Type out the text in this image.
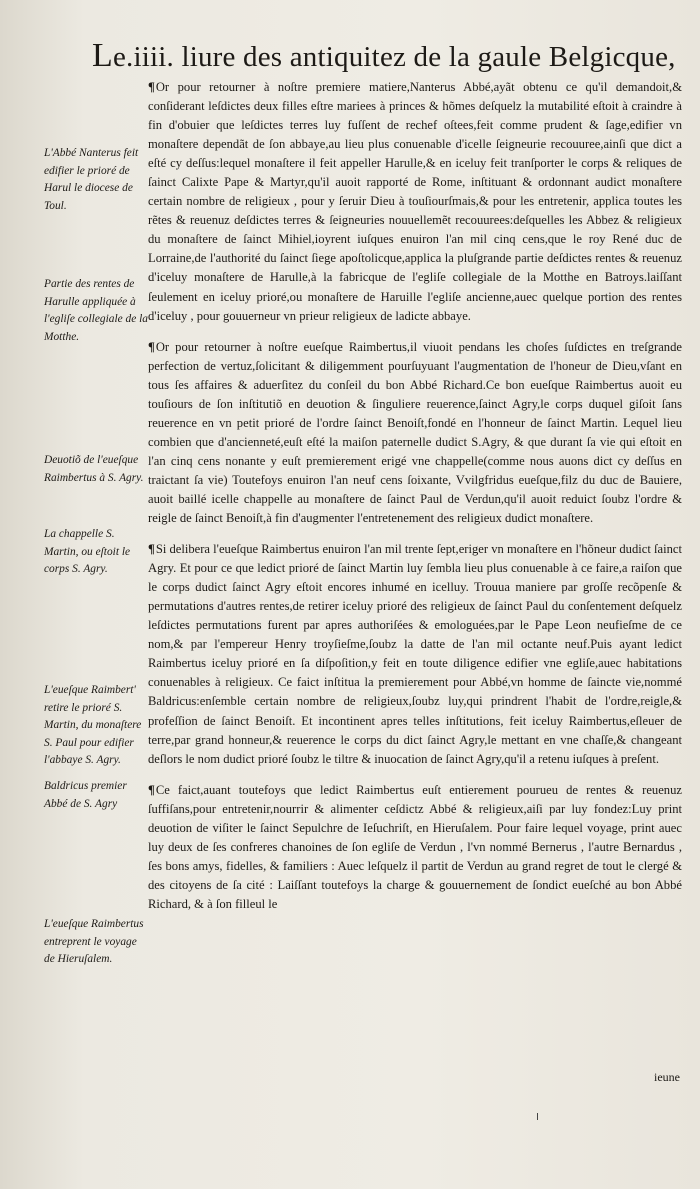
Le.iiii. liure des antiquitez de la gaule Belgicque,
L'Abbé Nanterus feit edifier le prioré de Harul le diocese de Toul.
Partie des rentes de Harulle appliquée à l'egliſe collegiale de la Motthe.
Deuotiõ de l'eueſque Raimbertus à S. Agry.
La chappelle S. Martin, ou eſtoit le corps S. Agry.
L'eueſque Raimbert' retire le prioré S. Martin, du monaſtere S. Paul pour edifier l'abbaye S. Agry.
Baldricus premier Abbé de S. Agry
L'eueſque Raimbertus entreprent le voyage de Hieruſalem.

¶Or pour retourner à noſtre premiere matiere,Nanterus Abbé,ayãt obtenu ce qu'il demandoit,& conſiderant leſdictes deux filles eſtre mariees à princes & hõmes deſquelz la mutabilité eſtoit à craindre à fin d'obuier que leſdictes terres luy fuſſent de rechef oſtees,feit comme prudent & ſage,edifier vn monaſtere dependãt de ſon abbaye,au lieu plus conuenable d'icelle ſeigneurie recouuree,ainſi que dict a eſté cy deſſus:lequel monaſtere il feit appeller Harulle,& en iceluy feit tranſporter le corps & reliques de ſainct Calixte Pape & Martyr,qu'il auoit rapporté de Rome, inſtituant & ordonnant audict monaſtere certain nombre de religieux , pour y ſeruir Dieu à touſiourſmais,& pour les entretenir, applica toutes les rẽtes & reuenuz deſdictes terres & ſeigneuries nouuellemẽt recouurees:deſquelles les Abbez & religieux du monaſtere de ſainct Mihiel,ioyrent iuſques enuiron l'an mil cinq cens,que le roy René duc de Lorraine,de l'authorité du ſainct ſiege apoſtolicque,applica la pluſgrande partie deſdictes rentes & reuenuz d'iceluy monaſtere de Harulle,à la fabricque de l'egliſe collegiale de la Motthe en Batroys.laiſſant ſeulement en iceluy prioré,ou monaſtere de Haruille l'egliſe ancienne,auec quelque portion des rentes d'iceluy , pour gouuerneur vn prieur religieux de ladicte abbaye.

¶Or pour retourner à noſtre eueſque Raimbertus,il viuoit pendans les choſes ſuſdictes en treſgrande perfection de vertuz,ſolicitant & diligemment pourſuyuant l'augmentation de l'honeur de Dieu,vſant en tous ſes affaires & aduerſitez du conſeil du bon Abbé Richard.Ce bon eueſque Raimbertus auoit eu touſiours de ſon inſtitutiõ en deuotion & ſinguliere reuerence,ſainct Agry,le corps duquel giſoit ſans reuerence en vn petit prioré de l'ordre ſainct Benoiſt,fondé en l'honneur de ſainct Martin. Lequel lieu combien que d'ancienneté,euſt eſté la maiſon paternelle dudict S.Agry, & que durant ſa vie qui eſtoit en l'an cinq cens nonante y euſt premierement erigé vne chappelle(comme nous auons dict cy deſſus en traictant ſa vie) Toutefoys enuiron l'an neuf cens ſoixante, Vvilgfridus eueſque,filz du duc de Bauiere, auoit baillé icelle chappelle au monaſtere de ſainct Paul de Verdun,qu'il auoit reduict ſoubz l'ordre & reigle de ſainct Benoiſt,à fin d'augmenter l'entretenement des religieux dudict monaſtere.

¶Si delibera l'eueſque Raimbertus enuiron l'an mil trente ſept,eriger vn monaſtere en l'hõneur dudict ſainct Agry. Et pour ce que ledict prioré de ſainct Martin luy ſembla lieu plus conuenable à ce faire,a raiſon que le corps dudict ſainct Agry eſtoit encores inhumé en icelluy. Trouua maniere par groſſe recõpenſe & permutations d'autres rentes,de retirer iceluy prioré des religieux de ſainct Paul du conſentement deſquelz leſdictes permutations furent par apres authoriſées & emologuées,par le Pape Leon neufieſme de ce nom,& par l'empereur Henry troyſieſme,ſoubz la datte de l'an mil octante neuf.Puis ayant ledict Raimbertus iceluy prioré en ſa diſpoſition,y feit en toute diligence edifier vne egliſe,auec habitations conuenables à religieux. Ce faict inſtitua la premierement pour Abbé,vn homme de ſaincte vie,nommé Baldricus:enſemble certain nombre de religieux,ſoubz luy,qui prindrent l'habit de l'ordre,reigle,& profeſſion de ſainct Benoiſt. Et incontinent apres telles inſtitutions, feit iceluy Raimbertus,eſleuer de terre,par grand honneur,& reuerence le corps du dict ſainct Agry,le mettant en vne chaſſe,& changeant deſlors le nom dudict prioré ſoubz le tiltre & inuocation de ſainct Agry,qu'il a retenu iuſques à preſent.

¶Ce faict,auant toutefoys que ledict Raimbertus euſt entierement pourueu de rentes & reuenuz ſuffiſans,pour entretenir,nourrir & alimenter ceſdictz Abbé & religieux,aiſi par luy fondez:Luy print deuotion de viſiter le ſainct Sepulchre de Ieſuchriſt, en Hieruſalem. Pour faire lequel voyage, print auec luy deux de ſes confreres chanoines de ſon egliſe de Verdun , l'vn nommé Bernerus , l'autre Bernardus , ſes bons amys, fidelles, & familiers : Auec leſquelz il partit de Verdun au grand regret de tout le clergé & des citoyens de ſa cité : Laiſſant toutefoys la charge & gouuernement de ſondict eueſché au bon Abbé Richard, & à ſon filleul le

ieune
